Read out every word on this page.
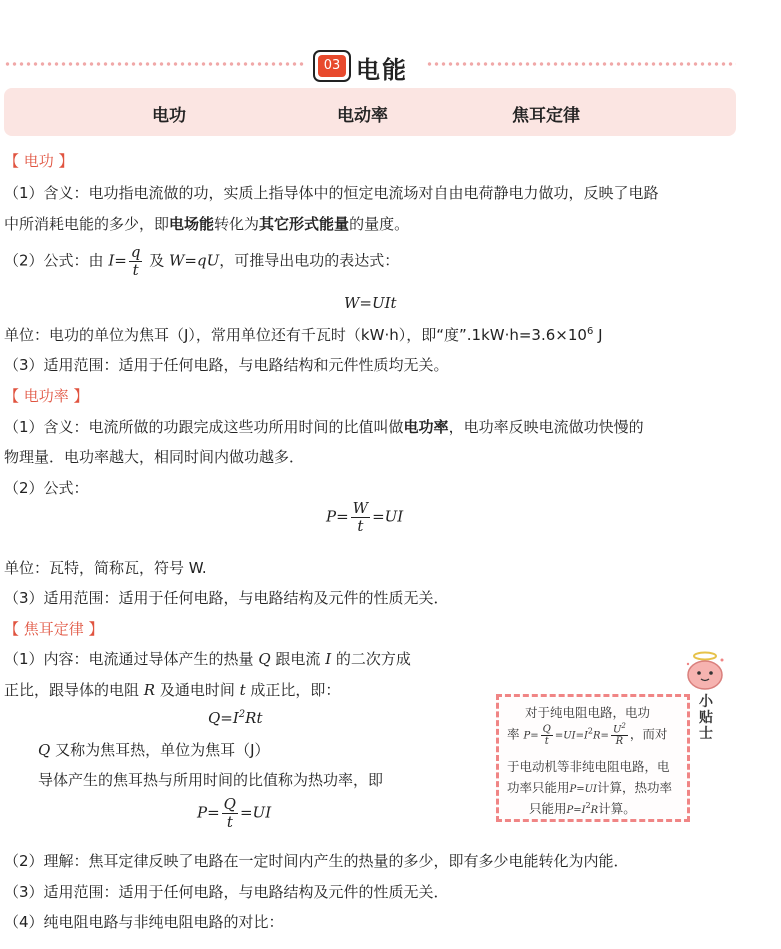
03 电能
电功	电动率	焦耳定律
【 电功 】
（1）含义：电功指电流做的功，实质上指导体中的恒定电流场对自由电荷静电力做功，反映了电路
中所消耗电能的多少，即电场能转化为其它形式能量的量度。
（2）公式：由 $I= \frac{q}{t}$ 及 W=qU，可推导出电功的表达式：
W=UIt
单位：电功的单位为焦耳（J），常用单位还有千瓦时（kW·h），即“度$”.1kW\cdot h=3.6\times 10^6$ J
（3）适用范围：适用于任何电路，与电路结构和元件性质均无关。
【 电功率 】
（1）含义：电流所做的功跟完成这些功所用时间的比值叫做电功率，电功率反映电流做功快慢的
物理量．电功率越大，相同时间内做功越多．
（2）公式：
$P= \frac{W}{t} =UI$
单位：瓦特，简称瓦，符号 W.
（3）适用范围：适用于任何电路，与电路结构及元件的性质无关．
【 焦耳定律 】
（1）内容：电流通过导体产生的热量 Q 跟电流 I 的二次方成
正比，跟导体的电阻 R 及通电时间 t 成正比，即：
$Q=I^2Rt$
Q 又称为焦耳热，单位为焦耳（J）
导体产生的焦耳热与所用时间的比值称为热功率，即
$P= \frac{Q}{t} =UI$
（2）理解：焦耳定律反映了电路在一定时间内产生的热量的多少，即有多少电能转化为内能．
（3）适用范围：适用于任何电路，与电路结构及元件的性质无关．
（4）纯电阻电路与非纯电阻电路的对比：
对于纯电阻电路，电功
率 $P= \frac{Q}{t} =UI=I^2R= \frac{U^2}{R}$ ，而对
于电动机等非纯电阻电路，电
功率只能用P=UI计算，热功率
只能用$P=I^2R$计算。
小贴士
